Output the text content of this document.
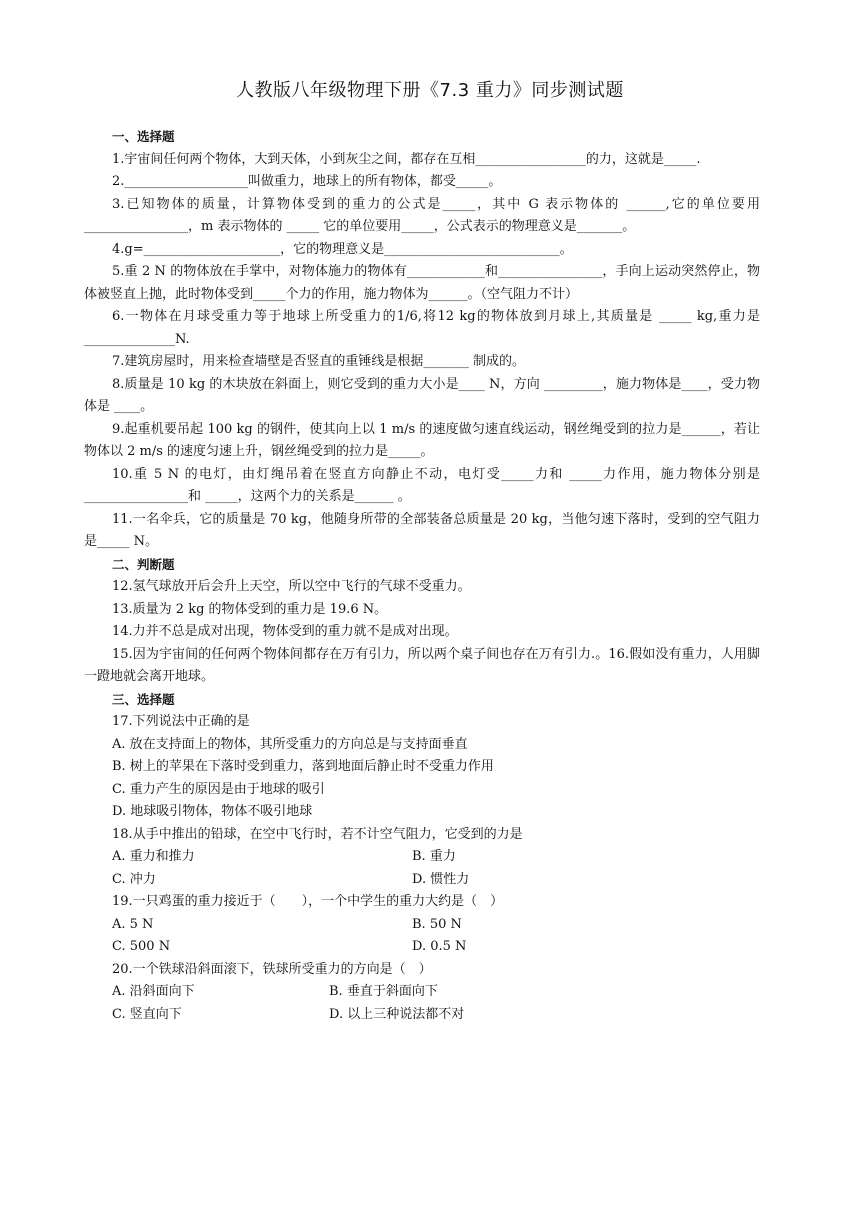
人教版八年级物理下册《7.3 重力》同步测试题

一、选择题

1.宇宙间任何两个物体，大到天体，小到灰尘之间，都存在互相_________________的力，这就是_____.

2.___________________叫做重力，地球上的所有物体，都受_____。

3.已知物体的质量，计算物体受到的重力的公式是_____，其中 G 表示物体的 ______,它的单位要用________________，m 表示物体的 _____ 它的单位要用_____，公式表示的物理意义是_______。

4.g=_____________________，它的物理意义是___________________________。

5.重 2 N 的物体放在手掌中，对物体施力的物体有____________和________________，手向上运动突然停止，物体被竖直上抛，此时物体受到_____个力的作用，施力物体为______。（空气阻力不计）

6.一物体在月球受重力等于地球上所受重力的1/6,将12 kg的物体放到月球上,其质量是 _____ kg,重力是 ______________N.

7.建筑房屋时，用来检查墙壁是否竖直的重锤线是根据_______ 制成的。

8.质量是 10 kg 的木块放在斜面上，则它受到的重力大小是____ N，方向 _________，施力物体是____，受力物体是 ____。

9.起重机要吊起 100 kg 的钢件，使其向上以 1 m/s 的速度做匀速直线运动，钢丝绳受到的拉力是______，若让物体以 2 m/s 的速度匀速上升，钢丝绳受到的拉力是_____。

10.重 5 N 的电灯，由灯绳吊着在竖直方向静止不动，电灯受_____力和 _____力作用，施力物体分别是________________和 _____，这两个力的关系是______ 。

11.一名伞兵，它的质量是 70 kg，他随身所带的全部装备总质量是 20 kg，当他匀速下落时，受到的空气阻力是_____ N。

二、判断题

12.氢气球放开后会升上天空，所以空中飞行的气球不受重力。

13.质量为 2 kg 的物体受到的重力是 19.6 N。

14.力并不总是成对出现，物体受到的重力就不是成对出现。

15.因为宇宙间的任何两个物体间都存在万有引力，所以两个桌子间也存在万有引力.。16.假如没有重力，人用脚一蹬地就会离开地球。

三、选择题

17.下列说法中正确的是

A. 放在支持面上的物体，其所受重力的方向总是与支持面垂直

B. 树上的苹果在下落时受到重力，落到地面后静止时不受重力作用

C. 重力产生的原因是由于地球的吸引

D. 地球吸引物体，物体不吸引地球

18.从手中推出的铅球，在空中飞行时，若不计空气阻力，它受到的力是

A. 重力和推力	B. 重力
C. 冲力	D. 惯性力

19.一只鸡蛋的重力接近于（　　），一个中学生的重力大约是（　）

A. 5 N	B. 50 N
C. 500 N	D. 0.5 N

20.一个铁球沿斜面滚下，铁球所受重力的方向是（　）

A. 沿斜面向下	B. 垂直于斜面向下
C. 竖直向下	D. 以上三种说法都不对
